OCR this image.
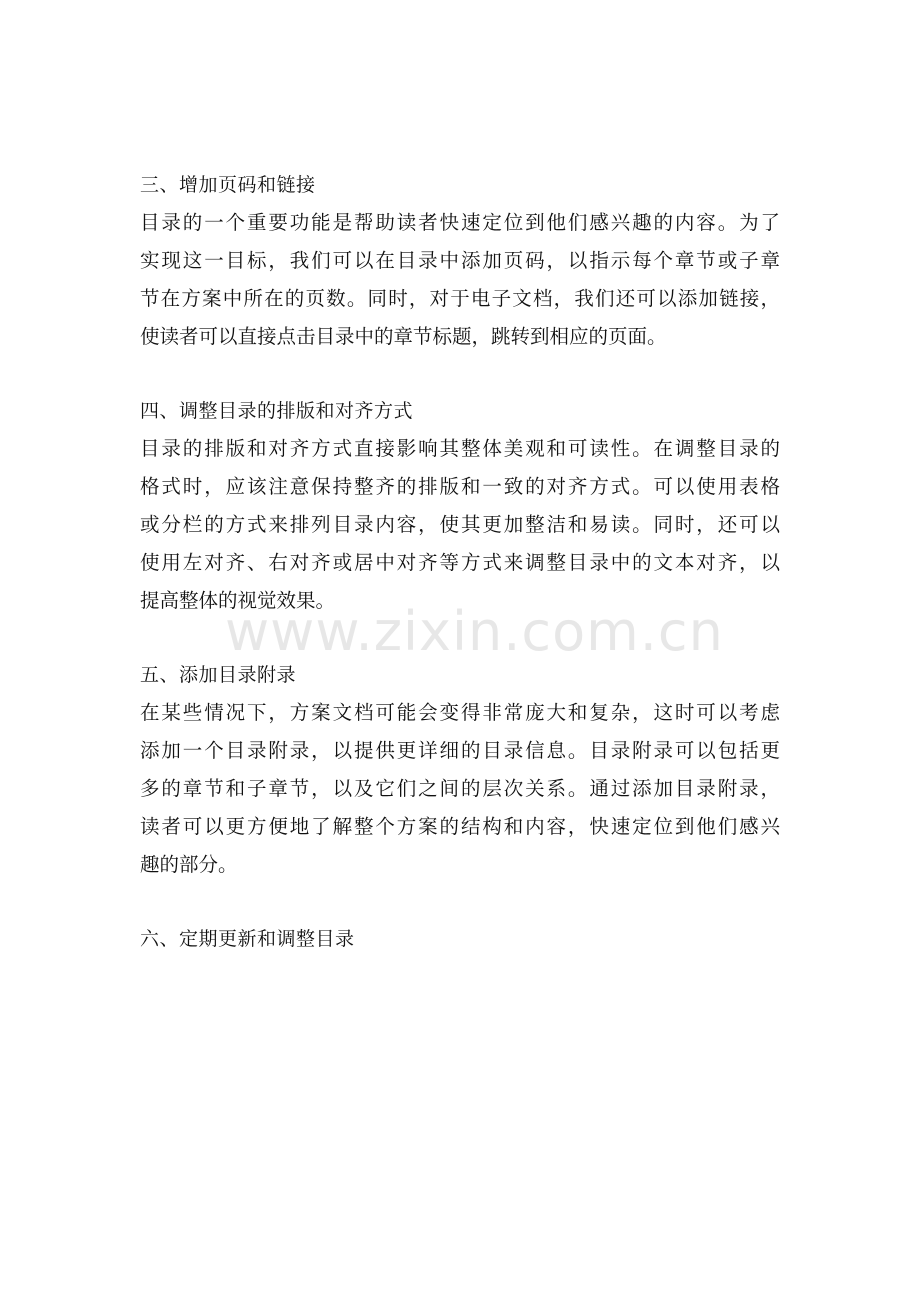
三、增加页码和链接
目录的一个重要功能是帮助读者快速定位到他们感兴趣的内容。为了
实现这一目标，我们可以在目录中添加页码，以指示每个章节或子章
节在方案中所在的页数。同时，对于电子文档，我们还可以添加链接，
使读者可以直接点击目录中的章节标题，跳转到相应的页面。
四、调整目录的排版和对齐方式
目录的排版和对齐方式直接影响其整体美观和可读性。在调整目录的
格式时，应该注意保持整齐的排版和一致的对齐方式。可以使用表格
或分栏的方式来排列目录内容，使其更加整洁和易读。同时，还可以
使用左对齐、右对齐或居中对齐等方式来调整目录中的文本对齐，以
提高整体的视觉效果。
五、添加目录附录
在某些情况下，方案文档可能会变得非常庞大和复杂，这时可以考虑
添加一个目录附录，以提供更详细的目录信息。目录附录可以包括更
多的章节和子章节，以及它们之间的层次关系。通过添加目录附录，
读者可以更方便地了解整个方案的结构和内容，快速定位到他们感兴
趣的部分。
六、定期更新和调整目录
www.zixin.com.cn
